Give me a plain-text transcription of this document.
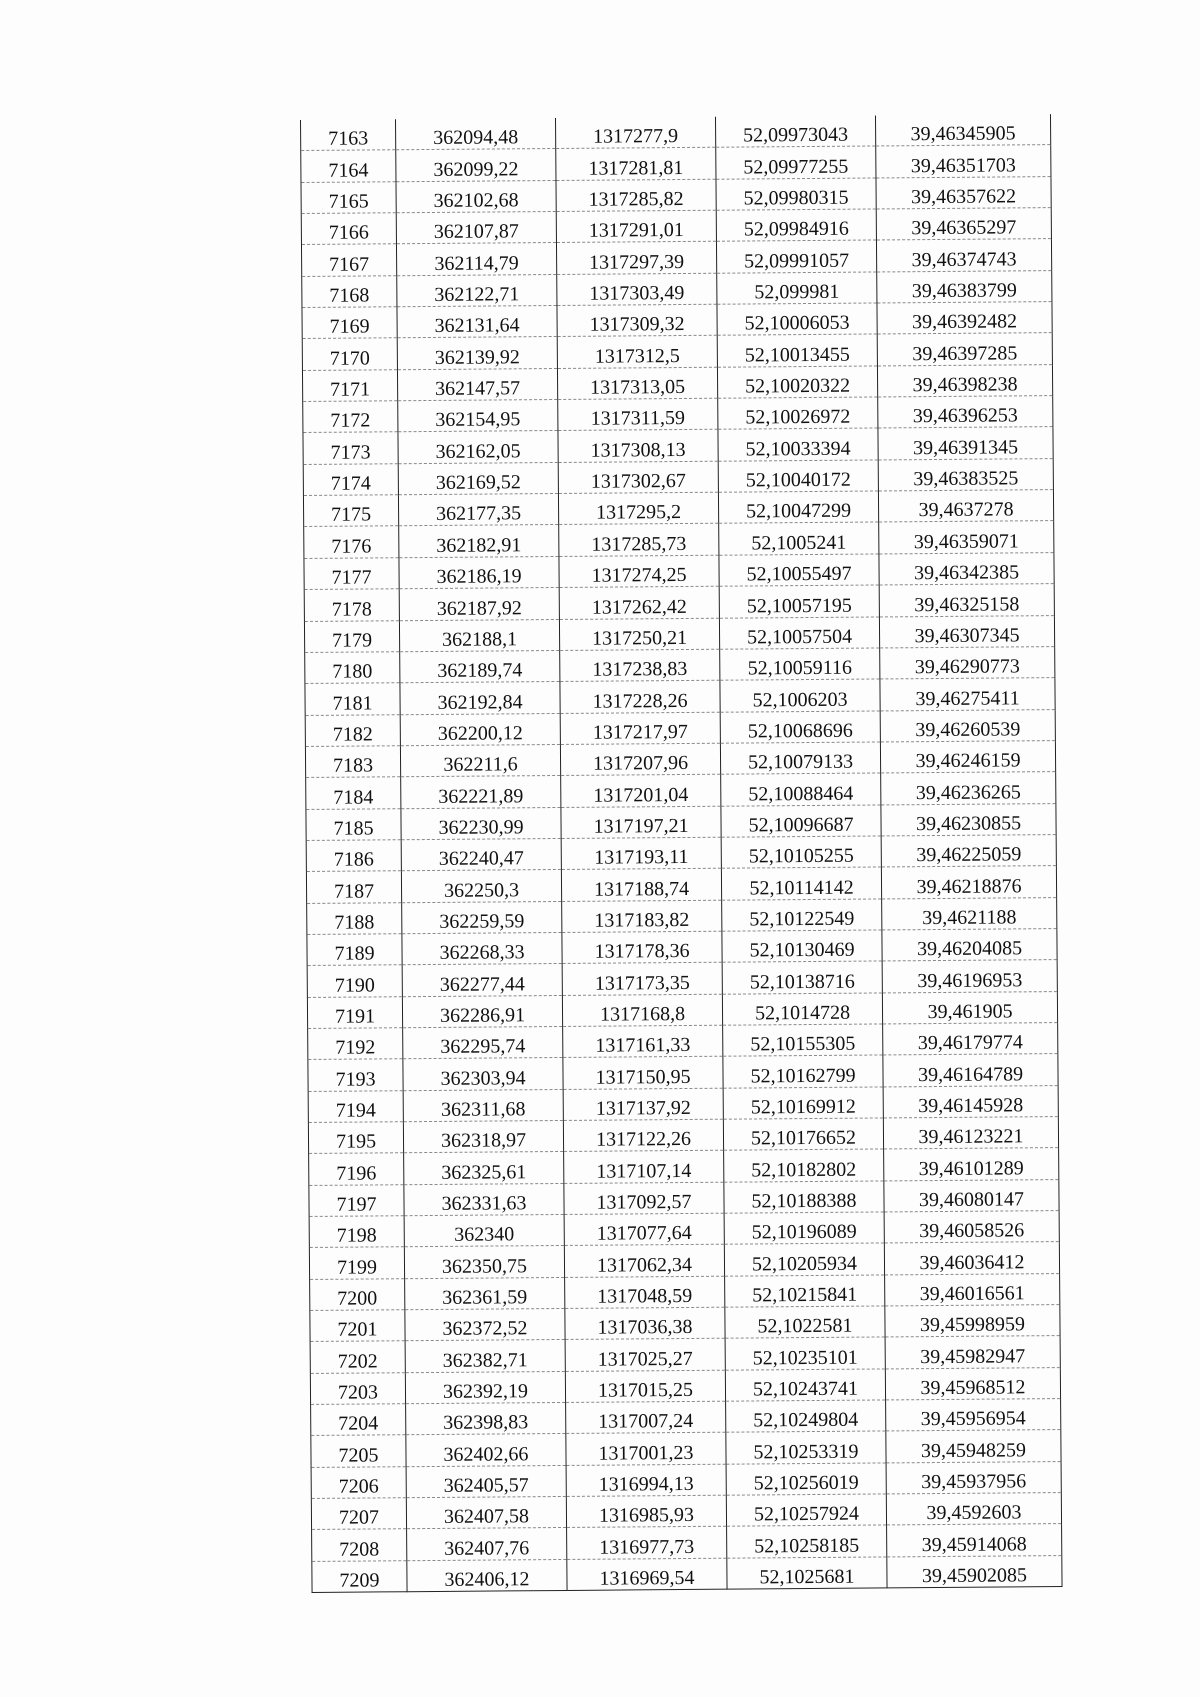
7163	362094,48	1317277,9	52,09973043	39,46345905
7164	362099,22	1317281,81	52,09977255	39,46351703
7165	362102,68	1317285,82	52,09980315	39,46357622
7166	362107,87	1317291,01	52,09984916	39,46365297
7167	362114,79	1317297,39	52,09991057	39,46374743
7168	362122,71	1317303,49	52,099981	39,46383799
7169	362131,64	1317309,32	52,10006053	39,46392482
7170	362139,92	1317312,5	52,10013455	39,46397285
7171	362147,57	1317313,05	52,10020322	39,46398238
7172	362154,95	1317311,59	52,10026972	39,46396253
7173	362162,05	1317308,13	52,10033394	39,46391345
7174	362169,52	1317302,67	52,10040172	39,46383525
7175	362177,35	1317295,2	52,10047299	39,4637278
7176	362182,91	1317285,73	52,1005241	39,46359071
7177	362186,19	1317274,25	52,10055497	39,46342385
7178	362187,92	1317262,42	52,10057195	39,46325158
7179	362188,1	1317250,21	52,10057504	39,46307345
7180	362189,74	1317238,83	52,10059116	39,46290773
7181	362192,84	1317228,26	52,1006203	39,46275411
7182	362200,12	1317217,97	52,10068696	39,46260539
7183	362211,6	1317207,96	52,10079133	39,46246159
7184	362221,89	1317201,04	52,10088464	39,46236265
7185	362230,99	1317197,21	52,10096687	39,46230855
7186	362240,47	1317193,11	52,10105255	39,46225059
7187	362250,3	1317188,74	52,10114142	39,46218876
7188	362259,59	1317183,82	52,10122549	39,4621188
7189	362268,33	1317178,36	52,10130469	39,46204085
7190	362277,44	1317173,35	52,10138716	39,46196953
7191	362286,91	1317168,8	52,1014728	39,461905
7192	362295,74	1317161,33	52,10155305	39,46179774
7193	362303,94	1317150,95	52,10162799	39,46164789
7194	362311,68	1317137,92	52,10169912	39,46145928
7195	362318,97	1317122,26	52,10176652	39,46123221
7196	362325,61	1317107,14	52,10182802	39,46101289
7197	362331,63	1317092,57	52,10188388	39,46080147
7198	362340	1317077,64	52,10196089	39,46058526
7199	362350,75	1317062,34	52,10205934	39,46036412
7200	362361,59	1317048,59	52,10215841	39,46016561
7201	362372,52	1317036,38	52,1022581	39,45998959
7202	362382,71	1317025,27	52,10235101	39,45982947
7203	362392,19	1317015,25	52,10243741	39,45968512
7204	362398,83	1317007,24	52,10249804	39,45956954
7205	362402,66	1317001,23	52,10253319	39,45948259
7206	362405,57	1316994,13	52,10256019	39,45937956
7207	362407,58	1316985,93	52,10257924	39,4592603
7208	362407,76	1316977,73	52,10258185	39,45914068
7209	362406,12	1316969,54	52,1025681	39,45902085
